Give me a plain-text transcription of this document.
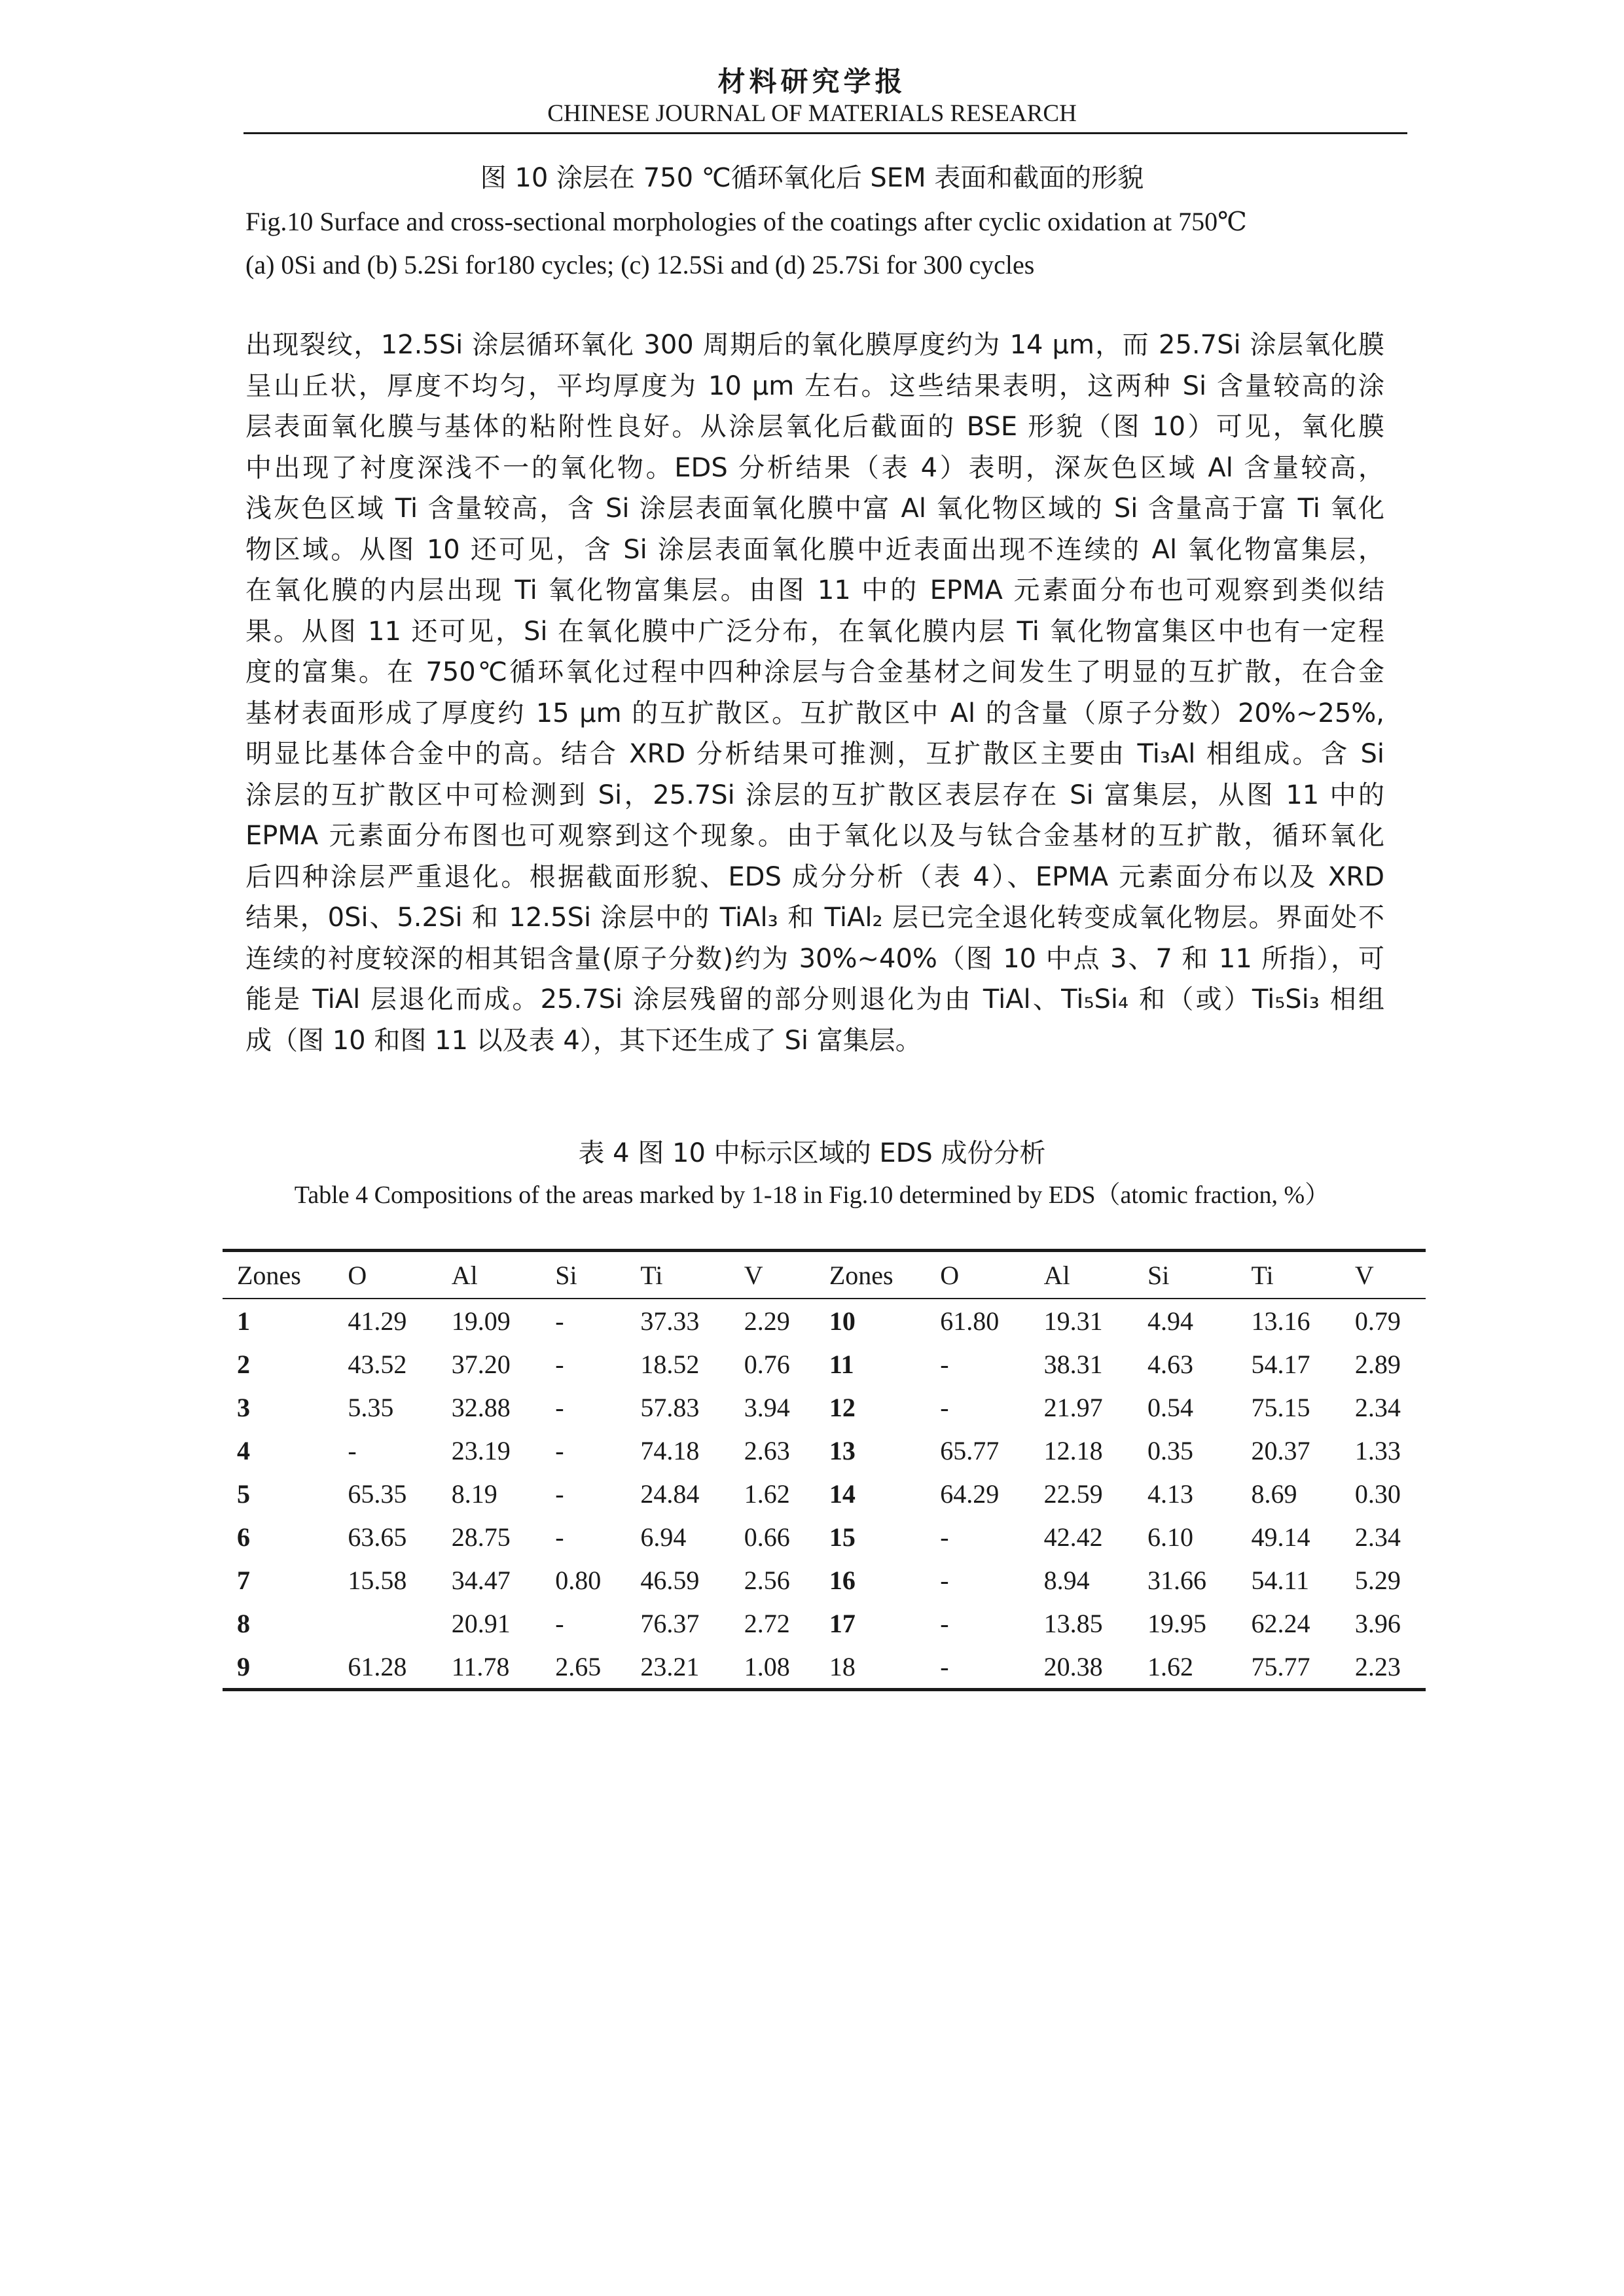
材料研究学报
CHINESE JOURNAL OF MATERIALS RESEARCH
图 10 涂层在 750 ℃循环氧化后 SEM 表面和截面的形貌
Fig.10 Surface and cross-sectional morphologies of the coatings after cyclic oxidation at 750℃
(a) 0Si and (b) 5.2Si for180 cycles; (c) 12.5Si and (d) 25.7Si for 300 cycles
出现裂纹，12.5Si 涂层循环氧化 300 周期后的氧化膜厚度约为 14 μm，而 25.7Si 涂层氧化膜
呈山丘状，厚度不均匀，平均厚度为 10 μm 左右。这些结果表明，这两种 Si 含量较高的涂
层表面氧化膜与基体的粘附性良好。从涂层氧化后截面的 BSE 形貌（图 10）可见，氧化膜
中出现了衬度深浅不一的氧化物。EDS 分析结果（表 4）表明，深灰色区域 Al 含量较高，
浅灰色区域 Ti 含量较高，含 Si 涂层表面氧化膜中富 Al 氧化物区域的 Si 含量高于富 Ti 氧化
物区域。从图 10 还可见，含 Si 涂层表面氧化膜中近表面出现不连续的 Al 氧化物富集层，
在氧化膜的内层出现 Ti 氧化物富集层。由图 11 中的 EPMA 元素面分布也可观察到类似结
果。从图 11 还可见，Si 在氧化膜中广泛分布，在氧化膜内层 Ti 氧化物富集区中也有一定程
度的富集。在 750℃循环氧化过程中四种涂层与合金基材之间发生了明显的互扩散，在合金
基材表面形成了厚度约 15 μm 的互扩散区。互扩散区中 Al 的含量（原子分数）20%~25%,
明显比基体合金中的高。结合 XRD 分析结果可推测，互扩散区主要由 Ti₃Al 相组成。含 Si
涂层的互扩散区中可检测到 Si，25.7Si 涂层的互扩散区表层存在 Si 富集层，从图 11 中的
EPMA 元素面分布图也可观察到这个现象。由于氧化以及与钛合金基材的互扩散，循环氧化
后四种涂层严重退化。根据截面形貌、EDS 成分分析（表 4）、EPMA 元素面分布以及 XRD
结果，0Si、5.2Si 和 12.5Si 涂层中的 TiAl₃ 和 TiAl₂ 层已完全退化转变成氧化物层。界面处不
连续的衬度较深的相其铝含量(原子分数)约为 30%~40%（图 10 中点 3、7 和 11 所指），可
能是 TiAl 层退化而成。25.7Si 涂层残留的部分则退化为由 TiAl、Ti₅Si₄ 和（或）Ti₅Si₃ 相组
成（图 10 和图 11 以及表 4），其下还生成了 Si 富集层。
表 4 图 10 中标示区域的 EDS 成份分析
Table 4 Compositions of the areas marked by 1-18 in Fig.10 determined by EDS（atomic fraction, %）
Zones	O	Al	Si	Ti	V	Zones	O	Al	Si	Ti	V
1	41.29	19.09	-	37.33	2.29	10	61.80	19.31	4.94	13.16	0.79
2	43.52	37.20	-	18.52	0.76	11	-	38.31	4.63	54.17	2.89
3	5.35	32.88	-	57.83	3.94	12	-	21.97	0.54	75.15	2.34
4	-	23.19	-	74.18	2.63	13	65.77	12.18	0.35	20.37	1.33
5	65.35	8.19	-	24.84	1.62	14	64.29	22.59	4.13	8.69	0.30
6	63.65	28.75	-	6.94	0.66	15	-	42.42	6.10	49.14	2.34
7	15.58	34.47	0.80	46.59	2.56	16	-	8.94	31.66	54.11	5.29
8		20.91	-	76.37	2.72	17	-	13.85	19.95	62.24	3.96
9	61.28	11.78	2.65	23.21	1.08	18	-	20.38	1.62	75.77	2.23
